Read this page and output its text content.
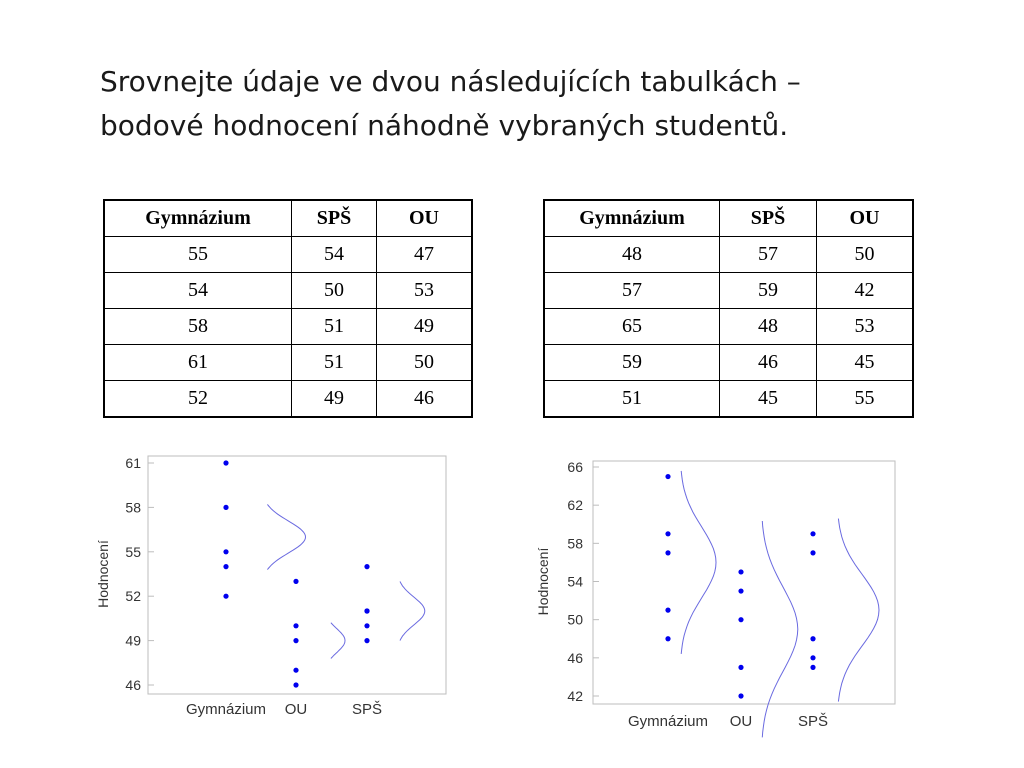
Srovnejte údaje ve dvou následujících tabulkách –
bodové hodnocení náhodně vybraných studentů.
Gymnázium	SPŠ	OU
55	54	47
54	50	53
58	51	49
61	51	50
52	49	46
Gymnázium	SPŠ	OU
48	57	50
57	59	42
65	48	53
59	46	45
51	45	55
46
49
52
55
58
61
Hodnocení
Gymnázium OU	SPŠ
42
46
50
54
58
62
66
Hodnocení
Gymnázium OU	SPŠ
